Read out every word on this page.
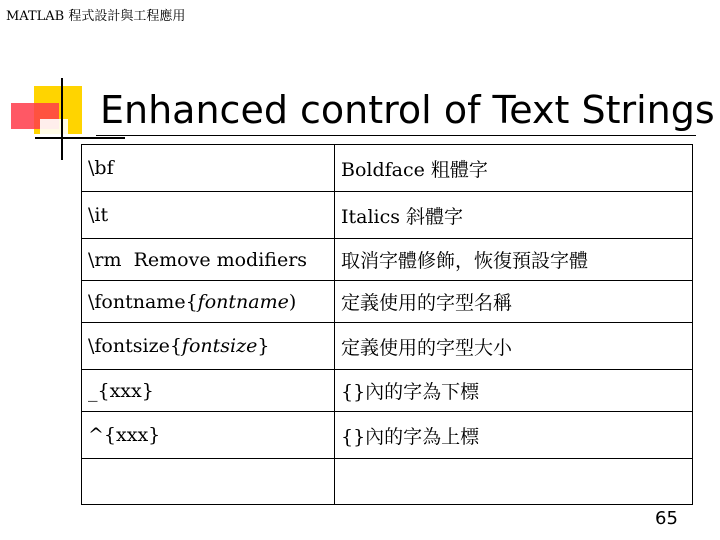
MATLAB 程式設計與工程應用
Enhanced control of Text Strings
\bf	Boldface 粗體字
\it	Italics 斜體字
\rm  Remove modifiers	取消字體修飾，恢復預設字體
\fontname{fontname)	定義使用的字型名稱
\fontsize{fontsize}	定義使用的字型大小
_{xxx}	{}內的字為下標
^{xxx}	{}內的字為上標

65
